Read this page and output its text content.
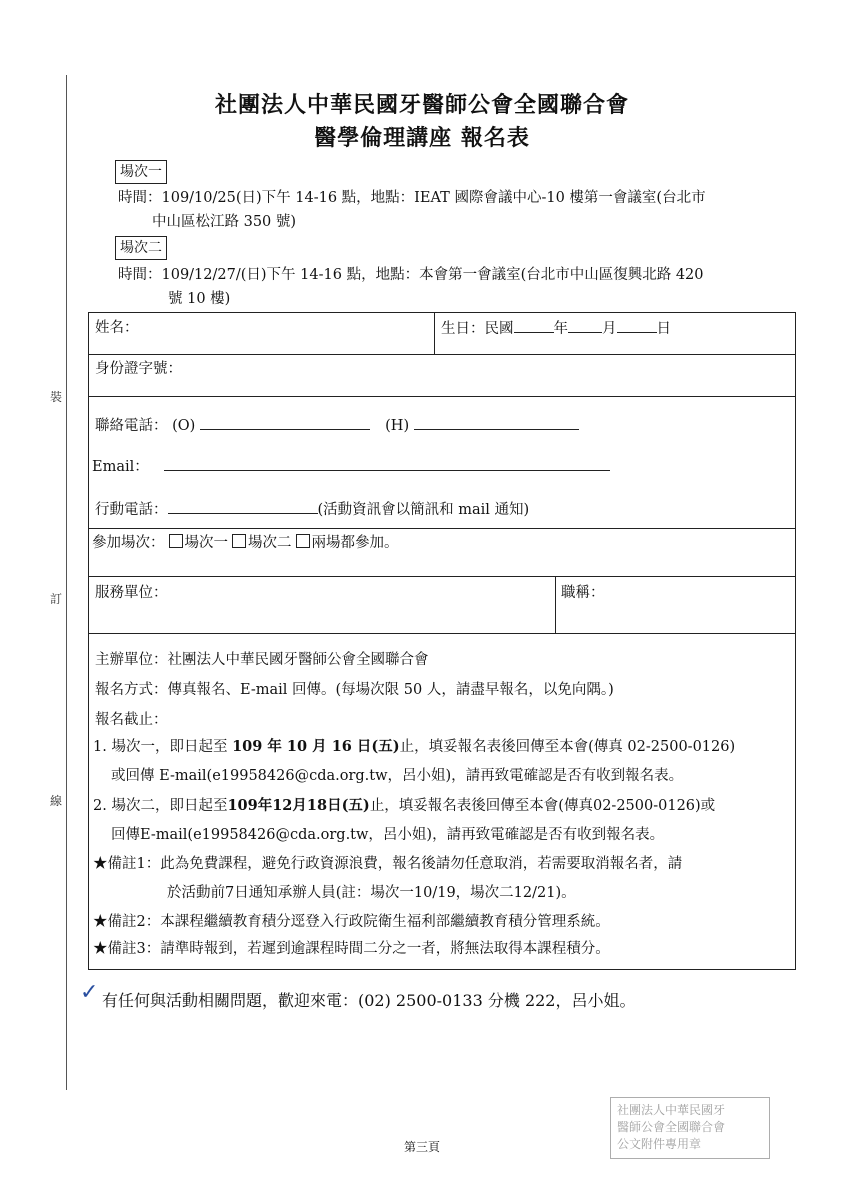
裝
訂
線
社團法人中華民國牙醫師公會全國聯合會
醫學倫理講座 報名表
場次一
時間：109/10/25(日)下午 14-16 點，地點：IEAT 國際會議中心-10 樓第一會議室(台北市
中山區松江路 350 號)
場次二
時間：109/12/27/(日)下午 14-16 點，地點：本會第一會議室(台北市中山區復興北路 420
號 10 樓)
姓名：	生日：民國	年 月	日
身份證字號：
聯絡電話： (O)	(H)
Email：
行動電話：	(活動資訊會以簡訊和 mail 通知)
參加場次： 場次一 場次二 兩場都參加。
服務單位：	職稱：
主辦單位：社團法人中華民國牙醫師公會全國聯合會
報名方式：傳真報名、E-mail 回傳。(每場次限 50 人，請盡早報名，以免向隅。)
報名截止：
1. 場次一，即日起至 109 年 10 月 16 日(五)止，填妥報名表後回傳至本會(傳真 02-2500-0126)
或回傳 E-mail(e19958426@cda.org.tw，呂小姐)，請再致電確認是否有收到報名表。
2. 場次二，即日起至109年12月18日(五)止，填妥報名表後回傳至本會(傳真02-2500-0126)或
回傳E-mail(e19958426@cda.org.tw，呂小姐)，請再致電確認是否有收到報名表。
★備註1：此為免費課程，避免行政資源浪費，報名後請勿任意取消，若需要取消報名者，請
於活動前7日通知承辦人員(註：場次一10/19，場次二12/21)。
★備註2：本課程繼續教育積分逕登入行政院衛生福利部繼續教育積分管理系統。
★備註3：請準時報到，若遲到逾課程時間二分之一者，將無法取得本課程積分。
✓ 有任何與活動相關問題，歡迎來電：(02) 2500-0133 分機 222，呂小姐。
社團法人中華民國牙
醫師公會全國聯合會
公文附件專用章
第三頁
